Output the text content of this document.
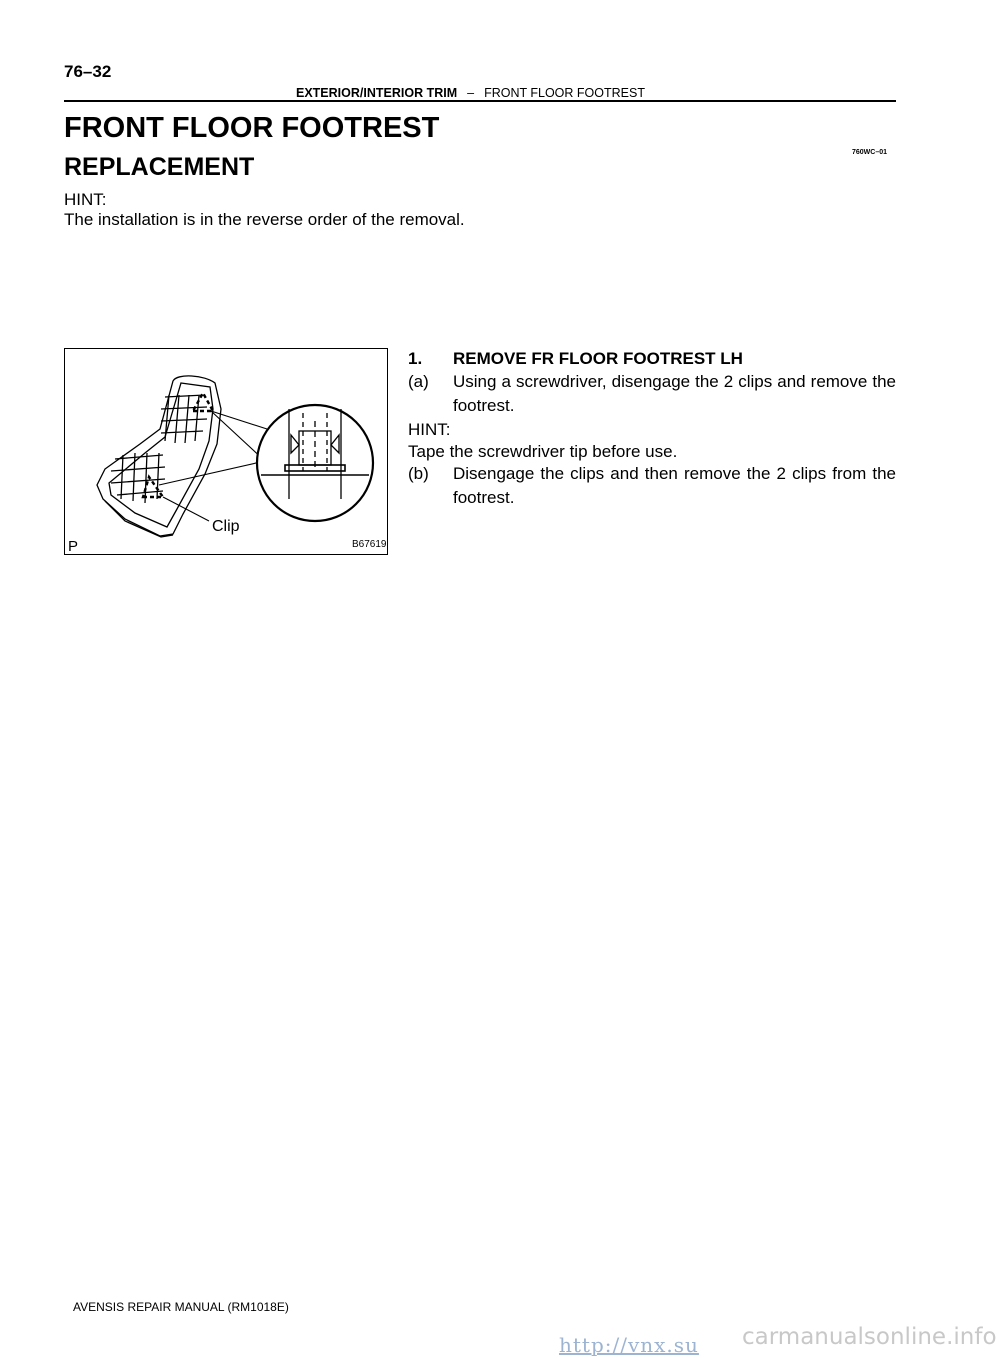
76–32
EXTERIOR/INTERIOR TRIM – FRONT FLOOR FOOTREST
FRONT FLOOR FOOTREST
760WC–01
REPLACEMENT
HINT:
The installation is in the reverse order of the removal.
Clip
P	B67619
1. REMOVE FR FLOOR FOOTREST LH
(a) Using a screwdriver, disengage the 2 clips and remove the footrest.
HINT:
Tape the screwdriver tip before use.
(b) Disengage the clips and then remove the 2 clips from the footrest.
AVENSIS REPAIR MANUAL (RM1018E)
http://vnx.su carmanualsonline.info
